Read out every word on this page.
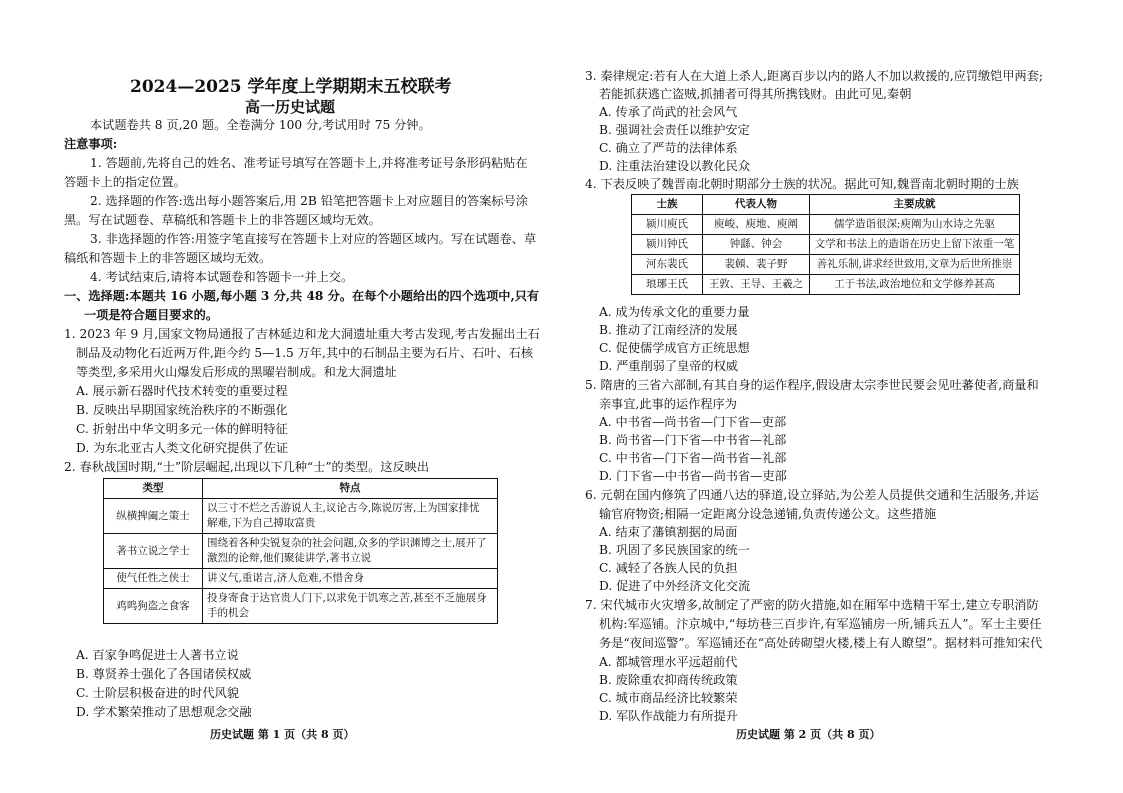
2024—2025 学年度上学期期末五校联考
高一历史试题
本试题卷共 8 页,20 题。全卷满分 100 分,考试用时 75 分钟。
注意事项:
1. 答题前,先将自己的姓名、准考证号填写在答题卡上,并将准考证号条形码粘贴在
答题卡上的指定位置。
2. 选择题的作答:选出每小题答案后,用 2B 铅笔把答题卡上对应题目的答案标号涂
黑。写在试题卷、草稿纸和答题卡上的非答题区域均无效。
3. 非选择题的作答:用签字笔直接写在答题卡上对应的答题区域内。写在试题卷、草
稿纸和答题卡上的非答题区域均无效。
4. 考试结束后,请将本试题卷和答题卡一并上交。
一、选择题:本题共 16 小题,每小题 3 分,共 48 分。在每个小题给出的四个选项中,只有
一项是符合题目要求的。
1. 2023 年 9 月,国家文物局通报了吉林延边和龙大洞遗址重大考古发现,考古发掘出土石
制品及动物化石近两万件,距今约 5—1.5 万年,其中的石制品主要为石片、石叶、石核
等类型,多采用火山爆发后形成的黑曜岩制成。和龙大洞遗址
A. 展示新石器时代技术转变的重要过程
B. 反映出早期国家统治秩序的不断强化
C. 折射出中华文明多元一体的鲜明特征
D. 为东北亚古人类文化研究提供了佐证
2. 春秋战国时期,“士”阶层崛起,出现以下几种“士”的类型。这反映出
类型	特点
纵横捭阖之策士	以三寸不烂之舌游说人主,议论古今,陈说厉害,上为国家排忧
解难,下为自己搏取富贵
著书立说之学士	围绕着各种尖锐复杂的社会问题,众多的学识渊博之士,展开了
激烈的论辩,他们聚徒讲学,著书立说
使气任性之侠士	讲义气,重诺言,济人危难,不惜舍身
鸡鸣狗盗之食客	投身寄食于达官贵人门下,以求免于饥寒之苦,甚至不乏施展身
手的机会
A. 百家争鸣促进士人著书立说
B. 尊贤养士强化了各国诸侯权威
C. 士阶层积极奋进的时代风貌
D. 学术繁荣推动了思想观念交融
历史试题 第 1 页（共 8 页）
3. 秦律规定:若有人在大道上杀人,距离百步以内的路人不加以救援的,应罚缴铠甲两套;
若能抓获逃亡盗贼,抓捕者可得其所携钱财。由此可见,秦朝
A. 传承了尚武的社会风气
B. 强调社会责任以维护安定
C. 确立了严苛的法律体系
D. 注重法治建设以教化民众
4. 下表反映了魏晋南北朝时期部分士族的状况。据此可知,魏晋南北朝时期的士族
士族	代表人物	主要成就
颍川庾氏	庾峻、庾地、庾阐	儒学造诣很深;庾阐为山水诗之先驱
颍川钟氏	钟繇、钟会	文学和书法上的造诣在历史上留下浓重一笔
河东裴氏	裴頠、裴子野	善礼乐制,讲求经世致用,文章为后世所推崇
琅琊王氏	王敦、王导、王羲之	工于书法,政治地位和文学修养甚高
A. 成为传承文化的重要力量
B. 推动了江南经济的发展
C. 促使儒学成官方正统思想
D. 严重削弱了皇帝的权威
5. 隋唐的三省六部制,有其自身的运作程序,假设唐太宗李世民要会见吐蕃使者,商量和
亲事宜,此事的运作程序为
A. 中书省—尚书省—门下省—吏部
B. 尚书省—门下省—中书省—礼部
C. 中书省—门下省—尚书省—礼部
D. 门下省—中书省—尚书省—吏部
6. 元朝在国内修筑了四通八达的驿道,设立驿站,为公差人员提供交通和生活服务,并运
输官府物资;相隔一定距离分设急递铺,负责传递公文。这些措施
A. 结束了藩镇割据的局面
B. 巩固了多民族国家的统一
C. 减轻了各族人民的负担
D. 促进了中外经济文化交流
7. 宋代城市火灾增多,故制定了严密的防火措施,如在厢军中选精干军士,建立专职消防
机构:军巡铺。汴京城中,“每坊巷三百步许,有军巡铺房一所,铺兵五人”。军士主要任
务是“夜间巡警”。军巡铺还在“高处砖砌望火楼,楼上有人瞭望”。据材料可推知宋代
A. 都城管理水平远超前代
B. 废除重农抑商传统政策
C. 城市商品经济比较繁荣
D. 军队作战能力有所提升
历史试题 第 2 页（共 8 页）
